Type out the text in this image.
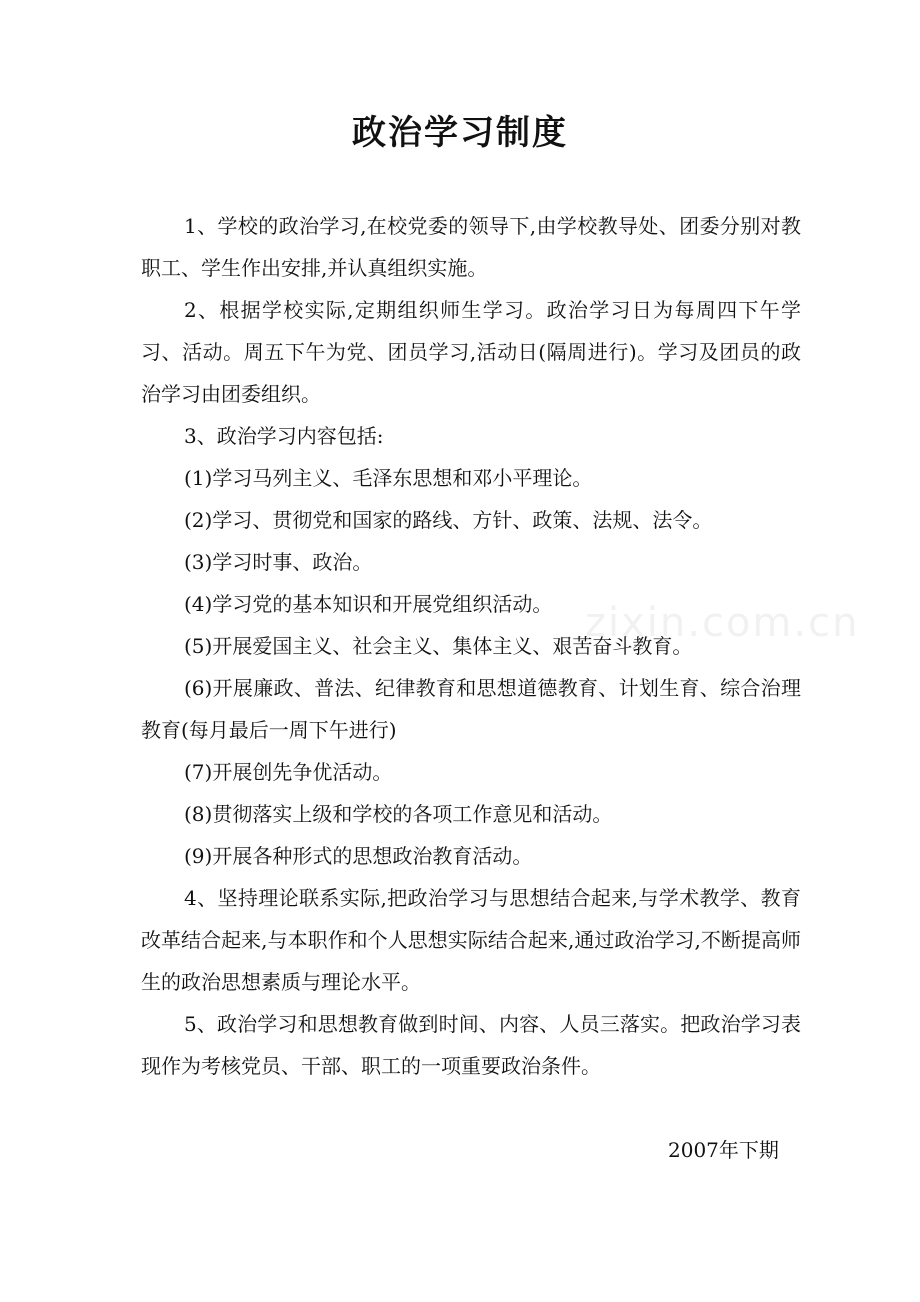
政治学习制度

1、学校的政治学习,在校党委的领导下,由学校教导处、团委分别对教职工、学生作出安排,并认真组织实施。

2、根据学校实际,定期组织师生学习。政治学习日为每周四下午学习、活动。周五下午为党、团员学习,活动日(隔周进行)。学习及团员的政治学习由团委组织。

3、政治学习内容包括:

(1)学习马列主义、毛泽东思想和邓小平理论。

(2)学习、贯彻党和国家的路线、方针、政策、法规、法令。

(3)学习时事、政治。

(4)学习党的基本知识和开展党组织活动。

(5)开展爱国主义、社会主义、集体主义、艰苦奋斗教育。

(6)开展廉政、普法、纪律教育和思想道德教育、计划生育、综合治理教育(每月最后一周下午进行)

(7)开展创先争优活动。

(8)贯彻落实上级和学校的各项工作意见和活动。

(9)开展各种形式的思想政治教育活动。

4、坚持理论联系实际,把政治学习与思想结合起来,与学术教学、教育改革结合起来,与本职作和个人思想实际结合起来,通过政治学习,不断提高师生的政治思想素质与理论水平。

5、政治学习和思想教育做到时间、内容、人员三落实。把政治学习表现作为考核党员、干部、职工的一项重要政治条件。

zixin.com.cn
2007年下期
